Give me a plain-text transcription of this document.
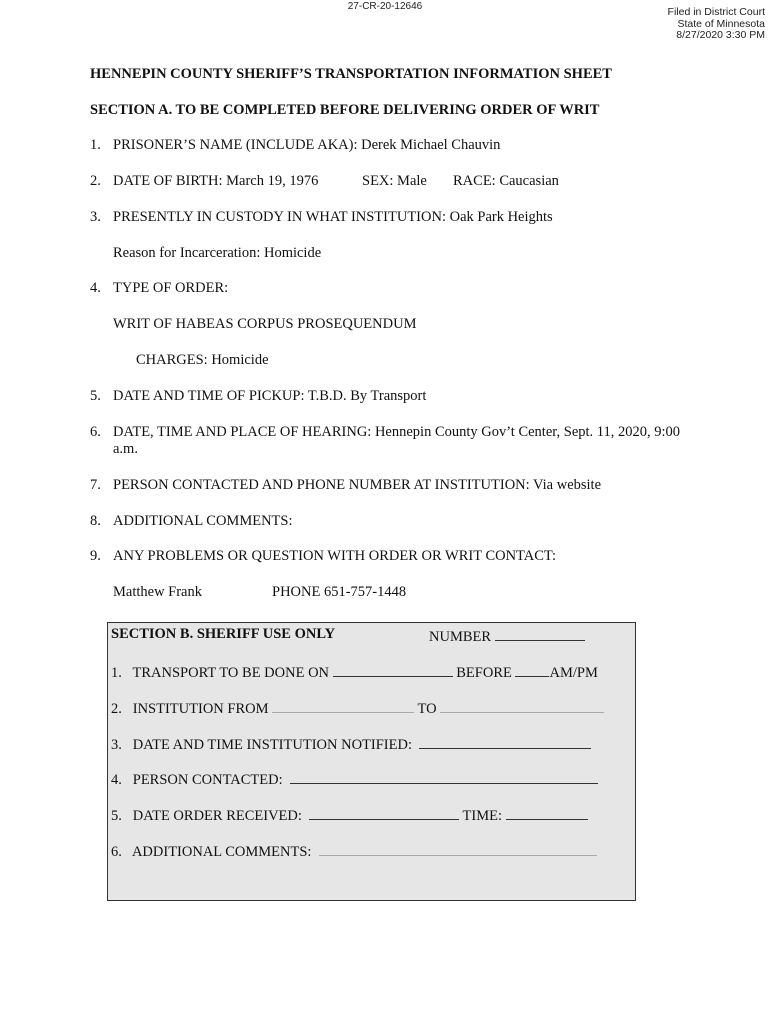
27-CR-20-12646	Filed in District Court
State of Minnesota
8/27/2020 3:30 PM
HENNEPIN COUNTY SHERIFF’S TRANSPORTATION INFORMATION SHEET
SECTION A. TO BE COMPLETED BEFORE DELIVERING ORDER OF WRIT
1. PRISONER’S NAME (INCLUDE AKA): Derek Michael Chauvin
2. DATE OF BIRTH: March 19, 1976	SEX: Male RACE: Caucasian
3. PRESENTLY IN CUSTODY IN WHAT INSTITUTION: Oak Park Heights
Reason for Incarceration: Homicide
4. TYPE OF ORDER:
WRIT OF HABEAS CORPUS PROSEQUENDUM
CHARGES: Homicide
5. DATE AND TIME OF PICKUP: T.B.D. By Transport
6. DATE, TIME AND PLACE OF HEARING: Hennepin County Gov’t Center, Sept. 11, 2020, 9:00 a.m.
7. PERSON CONTACTED AND PHONE NUMBER AT INSTITUTION: Via website
8. ADDITIONAL COMMENTS:
9. ANY PROBLEMS OR QUESTION WITH ORDER OR WRIT CONTACT:
Matthew Frank	PHONE 651-757-1448
SECTION B. SHERIFF USE ONLY	NUMBER
1. TRANSPORT TO BE DONE ON	BEFORE	AM/PM
2. INSTITUTION FROM	TO
3. DATE AND TIME INSTITUTION NOTIFIED:
4. PERSON CONTACTED:
5. DATE ORDER RECEIVED:	TIME:
6. ADDITIONAL COMMENTS:
